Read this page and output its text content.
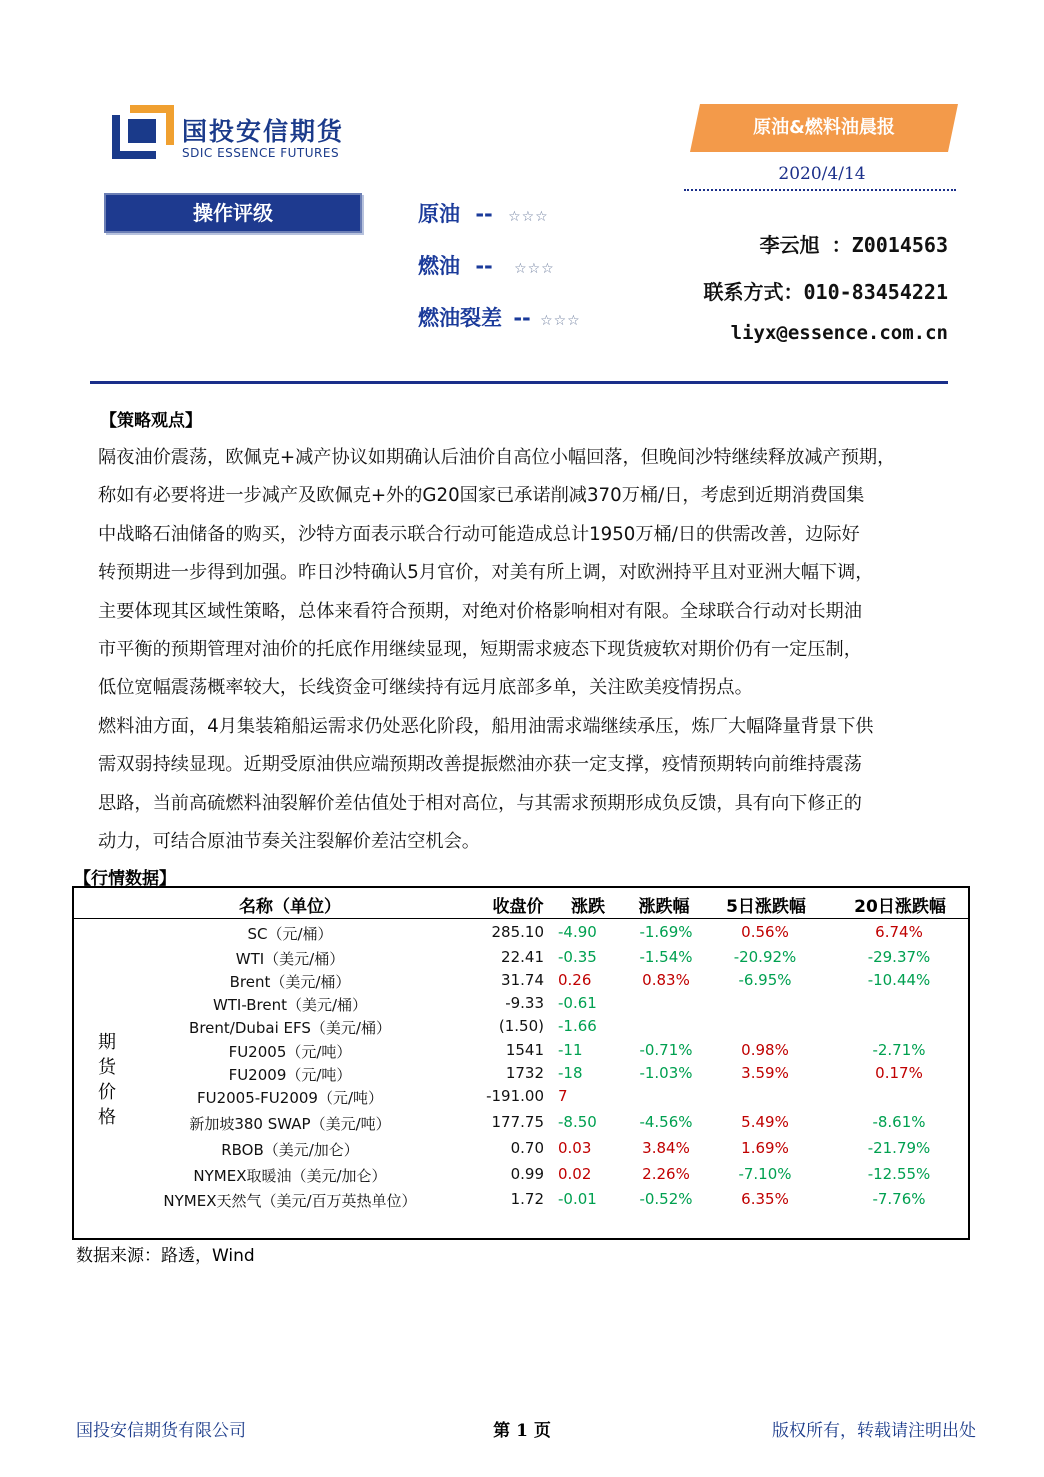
国投安信期货
SDIC ESSENCE FUTURES
原油&燃料油晨报
2020/4/14
操作评级	原油 -- ☆☆☆
燃油 -- ☆☆☆
燃油裂差 -- ☆☆☆
李云旭 ：Z0014563
联系方式：010-83454221
liyx@essence.com.cn
【策略观点】
隔夜油价震荡，欧佩克+减产协议如期确认后油价自高位小幅回落，但晚间沙特继续释放减产预期，
称如有必要将进一步减产及欧佩克+外的G20国家已承诺削减370万桶/日，考虑到近期消费国集
中战略石油储备的购买，沙特方面表示联合行动可能造成总计1950万桶/日的供需改善，边际好
转预期进一步得到加强。昨日沙特确认5月官价，对美有所上调，对欧洲持平且对亚洲大幅下调，
主要体现其区域性策略，总体来看符合预期，对绝对价格影响相对有限。全球联合行动对长期油
市平衡的预期管理对油价的托底作用继续显现，短期需求疲态下现货疲软对期价仍有一定压制，
低位宽幅震荡概率较大，长线资金可继续持有远月底部多单，关注欧美疫情拐点。
燃料油方面，4月集装箱船运需求仍处恶化阶段，船用油需求端继续承压，炼厂大幅降量背景下供
需双弱持续显现。近期受原油供应端预期改善提振燃油亦获一定支撑，疫情预期转向前维持震荡
思路，当前高硫燃料油裂解价差估值处于相对高位，与其需求预期形成负反馈，具有向下修正的
动力，可结合原油节奏关注裂解价差沽空机会。
【行情数据】
名称（单位）	收盘价	涨跌	涨跌幅	5日涨跌幅	20日涨跌幅
期
货
价
格
SC（元/桶）	285.10 -4.90	-1.69%	0.56%	6.74%
WTI（美元/桶）	22.41 -0.35	-1.54%	-20.92%	-29.37%
Brent（美元/桶）	31.74 0.26	0.83%	-6.95%	-10.44%
WTI-Brent（美元/桶）	-9.33 -0.61
Brent/Dubai EFS（美元/桶）	(1.50) -1.66
FU2005（元/吨）	1541 -11	-0.71%	0.98%	-2.71%
FU2009（元/吨）	1732 -18	-1.03%	3.59%	0.17%
FU2005-FU2009（元/吨）	-191.00 7
新加坡380 SWAP（美元/吨）	177.75 -8.50	-4.56%	5.49%	-8.61%
RBOB（美元/加仑）	0.70 0.03	3.84%	1.69%	-21.79%
NYMEX取暖油（美元/加仑）	0.99 0.02	2.26%	-7.10%	-12.55%
NYMEX天然气（美元/百万英热单位）	1.72 -0.01	-0.52%	6.35%	-7.76%
数据来源：路透，Wind
国投安信期货有限公司	第 1 页	版权所有，转载请注明出处
